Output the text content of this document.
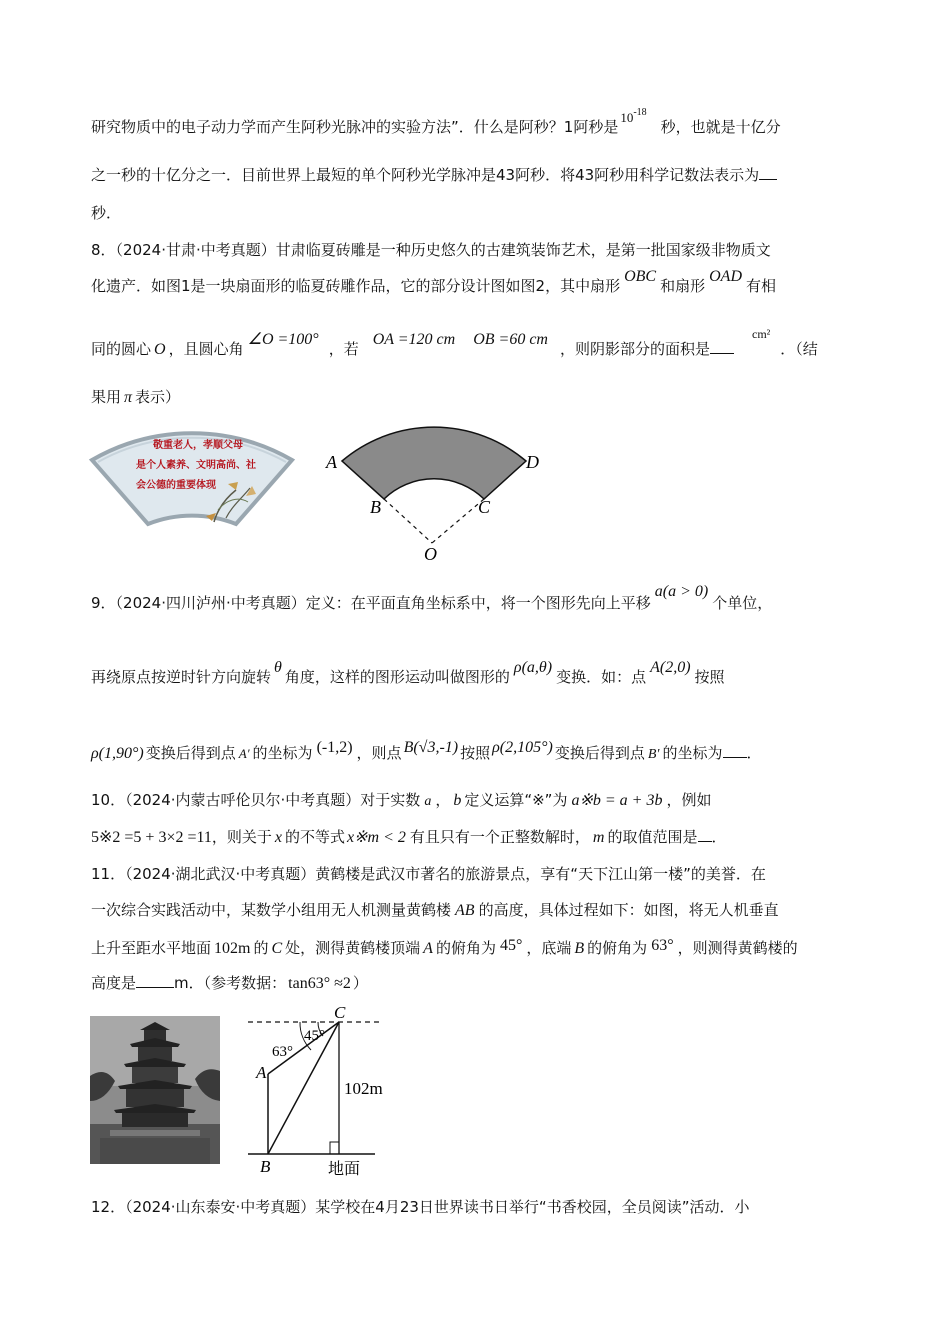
研究物质中的电子动力学而产生阿秒光脉冲的实验方法”．什么是阿秒？1阿秒是$10^{-18}$秒，也就是十亿分
之一秒的十亿分之一．目前世界上最短的单个阿秒光学脉冲是43阿秒．将43阿秒用科学记数法表示为
秒．
8．（2024·甘肃·中考真题）甘肃临夏砖雕是一种历史悠久的古建筑装饰艺术，是第一批国家级非物质文
化遗产．如图1是一块扇面形的临夏砖雕作品，它的部分设计图如图2，其中扇形OBC和扇形OAD有相
同的圆心 O ，且圆心角∠O =100°，若OA =120 cm OB =60 cm，则阴影部分的面积是cm²．（结
果用 π 表示）
敬重老人，孝顺父母
是个人素养、文明高尚、社
会公德的重要体现
A	D
B	C
O
9．（2024·四川泸州·中考真题）定义：在平面直角坐标系中，将一个图形先向上平移a(a > 0)个单位，
再绕原点按逆时针方向旋转θ角度，这样的图形运动叫做图形的ρ(a,θ)变换．如：点A(2,0)按照
ρ(1,90°) 变换后得到点 A′ 的坐标为 (-1,2) ，则点 B(√3,-1) 按照 ρ(2,105°) 变换后得到点 B′ 的坐标为 ．
10．（2024·内蒙古呼伦贝尔·中考真题）对于实数 a ， b 定义运算“※”为 a※b = a + 3b ，例如
5※2 =5 + 3×2 =11，则关于 x 的不等式 x※m < 2 有且只有一个正整数解时， m 的取值范围是 ．
11．（2024·湖北武汉·中考真题）黄鹤楼是武汉市著名的旅游景点，享有“天下江山第一楼”的美誉．在
一次综合实践活动中，某数学小组用无人机测量黄鹤楼 AB 的高度，具体过程如下：如图，将无人机垂直
上升至距水平地面 102m 的 C 处，测得黄鹤楼顶端 A 的俯角为 45° ，底端 B 的俯角为 63° ，则测得黄鹤楼的
高度是	m．（参考数据： tan63° ≈2 ）
C
A
B
45°
63°
102m
地面
12．（2024·山东泰安·中考真题）某学校在4月23日世界读书日举行“书香校园，全员阅读”活动．小
